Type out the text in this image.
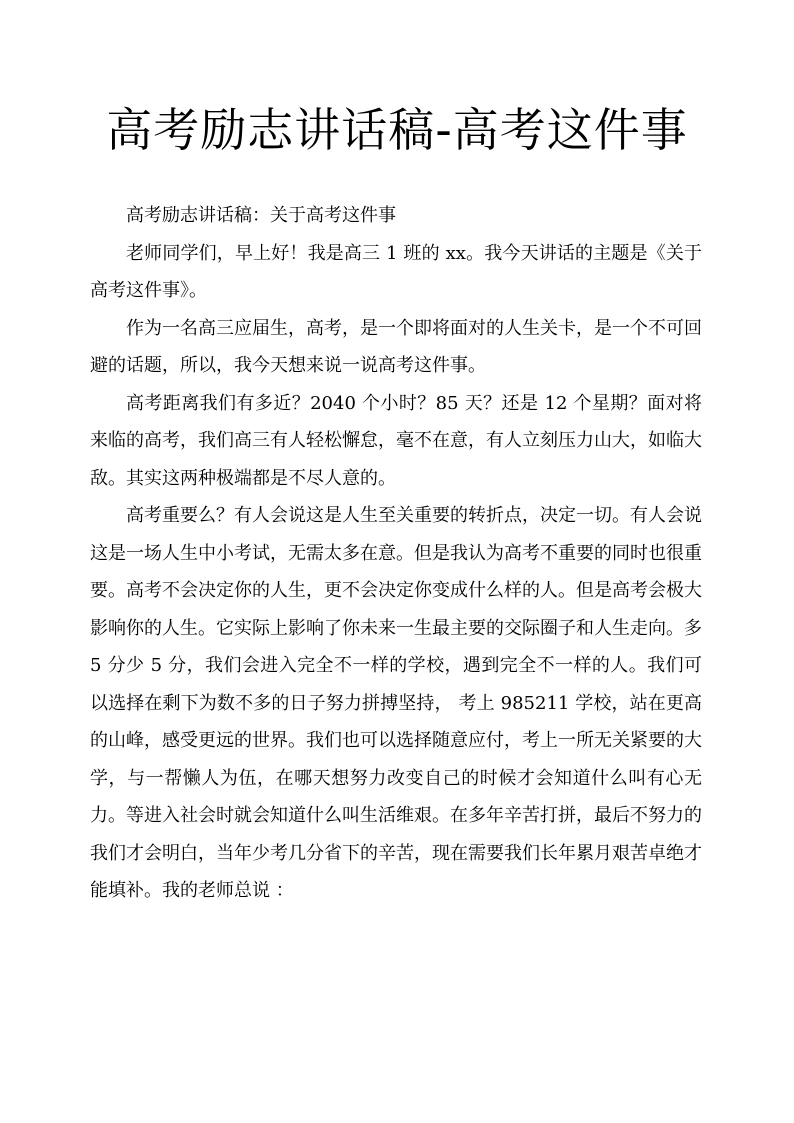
高考励志讲话稿-高考这件事

高考励志讲话稿：关于高考这件事

老师同学们，早上好！我是高三 1 班的 xx。我今天讲话的主题是《关于高考这件事》。

作为一名高三应届生，高考，是一个即将面对的人生关卡，是一个不可回避的话题，所以，我今天想来说一说高考这件事。

高考距离我们有多近？2040 个小时？85 天？还是 12 个星期？面对将来临的高考，我们高三有人轻松懈怠，毫不在意，有人立刻压力山大，如临大敌。其实这两种极端都是不尽人意的。

高考重要么？有人会说这是人生至关重要的转折点，决定一切。有人会说这是一场人生中小考试，无需太多在意。但是我认为高考不重要的同时也很重要。高考不会决定你的人生，更不会决定你变成什么样的人。但是高考会极大影响你的人生。它实际上影响了你未来一生最主要的交际圈子和人生走向。多 5 分少 5 分，我们会进入完全不一样的学校，遇到完全不一样的人。我们可以选择在剩下为数不多的日子努力拼搏坚持， 考上 985211 学校，站在更高的山峰，感受更远的世界。我们也可以选择随意应付，考上一所无关紧要的大学，与一帮懒人为伍，在哪天想努力改变自己的时候才会知道什么叫有心无力。等进入社会时就会知道什么叫生活维艰。在多年辛苦打拼，最后不努力的我们才会明白，当年少考几分省下的辛苦，现在需要我们长年累月艰苦卓绝才能填补。我的老师总说 ：
